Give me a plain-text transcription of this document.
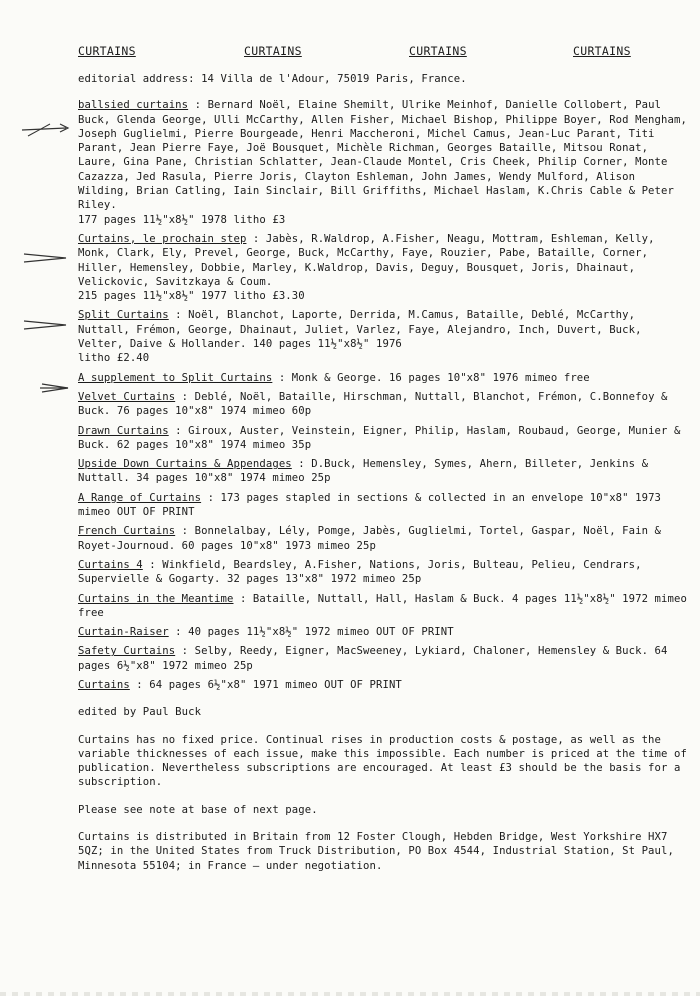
CURTAINS	CURTAINS	CURTAINS	CURTAINS

editorial address: 14 Villa de l'Adour, 75019 Paris, France.

ballsied curtains : Bernard Noël, Elaine Shemilt, Ulrike Meinhof, Danielle Collobert, Paul Buck, Glenda George, Ulli McCarthy, Allen Fisher, Michael Bishop, Philippe Boyer, Rod Mengham, Joseph Guglielmi, Pierre Bourgeade, Henri Maccheroni, Michel Camus, Jean-Luc Parant, Titi Parant, Jean Pierre Faye, Joë Bousquet, Michèle Richman, Georges Bataille, Mitsou Ronat, Laure, Gina Pane, Christian Schlatter, Jean-Claude Montel, Cris Cheek, Philip Corner, Monte Cazazza, Jed Rasula, Pierre Joris, Clayton Eshleman, John James, Wendy Mulford, Alison Wilding, Brian Catling, Iain Sinclair, Bill Griffiths, Michael Haslam, K.Chris Cable & Peter Riley.
177 pages 11½"x8½" 1978 litho £3

Curtains, le prochain step : Jabès, R.Waldrop, A.Fisher, Neagu, Mottram, Eshleman, Kelly, Monk, Clark, Ely, Prevel, George, Buck, McCarthy, Faye, Rouzier, Pabe, Bataille, Corner, Hiller, Hemensley, Dobbie, Marley, K.Waldrop, Davis, Deguy, Bousquet, Joris, Dhainaut, Velickovic, Savitzkaya & Coum.
215 pages 11½"x8½" 1977 litho £3.30

Split Curtains : Noël, Blanchot, Laporte, Derrida, M.Camus, Bataille, Deblé, McCarthy, Nuttall, Frémon, George, Dhainaut, Juliet, Varlez, Faye, Alejandro, Inch, Duvert, Buck, Velter, Daive & Hollander. 140 pages 11½"x8½" 1976
litho £2.40

A supplement to Split Curtains : Monk & George. 16 pages 10"x8" 1976 mimeo free

Velvet Curtains : Deblé, Noël, Bataille, Hirschman, Nuttall, Blanchot, Frémon, C.Bonnefoy & Buck. 76 pages 10"x8" 1974 mimeo 60p

Drawn Curtains : Giroux, Auster, Veinstein, Eigner, Philip, Haslam, Roubaud, George, Munier & Buck. 62 pages 10"x8" 1974 mimeo 35p

Upside Down Curtains & Appendages : D.Buck, Hemensley, Symes, Ahern, Billeter, Jenkins & Nuttall. 34 pages 10"x8" 1974 mimeo 25p

A Range of Curtains : 173 pages stapled in sections & collected in an envelope 10"x8" 1973 mimeo OUT OF PRINT

French Curtains : Bonnelalbay, Lély, Pomge, Jabès, Guglielmi, Tortel, Gaspar, Noël, Fain & Royet-Journoud. 60 pages 10"x8" 1973 mimeo 25p

Curtains 4 : Winkfield, Beardsley, A.Fisher, Nations, Joris, Bulteau, Pelieu, Cendrars, Supervielle & Gogarty. 32 pages 13"x8" 1972 mimeo 25p

Curtains in the Meantime : Bataille, Nuttall, Hall, Haslam & Buck. 4 pages 11½"x8½" 1972 mimeo free

Curtain-Raiser : 40 pages 11½"x8½" 1972 mimeo OUT OF PRINT

Safety Curtains : Selby, Reedy, Eigner, MacSweeney, Lykiard, Chaloner, Hemensley & Buck. 64 pages 6½"x8" 1972 mimeo 25p

Curtains : 64 pages 6½"x8" 1971 mimeo OUT OF PRINT

edited by Paul Buck

Curtains has no fixed price. Continual rises in production costs & postage, as well as the variable thicknesses of each issue, make this impossible. Each number is priced at the time of publication. Nevertheless subscriptions are encouraged. At least £3 should be the basis for a subscription.

Please see note at base of next page.

Curtains is distributed in Britain from 12 Foster Clough, Hebden Bridge, West Yorkshire HX7 5QZ; in the United States from Truck Distribution, PO Box 4544, Industrial Station, St Paul, Minnesota 55104; in France — under negotiation.
